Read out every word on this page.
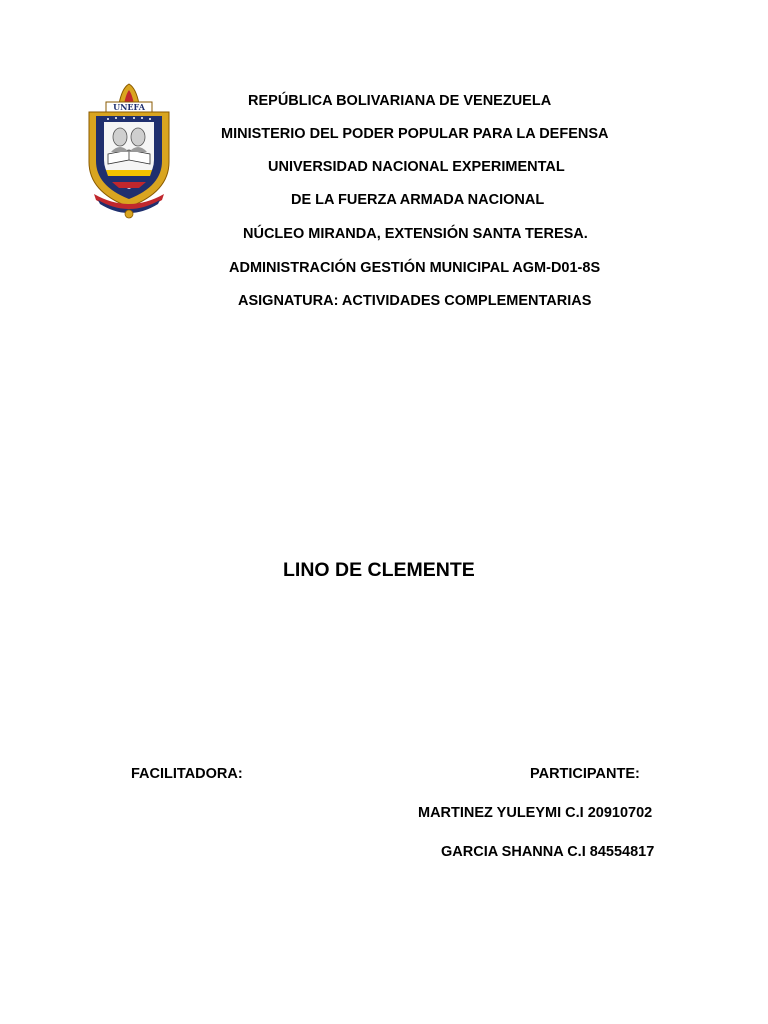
UNEFA	REPÚBLICA BOLIVARIANA DE VENEZUELA
MINISTERIO DEL PODER POPULAR PARA LA DEFENSA
UNIVERSIDAD NACIONAL EXPERIMENTAL
DE LA FUERZA ARMADA NACIONAL
NÚCLEO MIRANDA, EXTENSIÓN SANTA TERESA.
ADMINISTRACIÓN GESTIÓN MUNICIPAL AGM-D01-8S
ASIGNATURA: ACTIVIDADES COMPLEMENTARIAS
LINO DE CLEMENTE
FACILITADORA:	PARTICIPANTE:
MARTINEZ YULEYMI C.I 20910702
GARCIA SHANNA C.I 84554817
